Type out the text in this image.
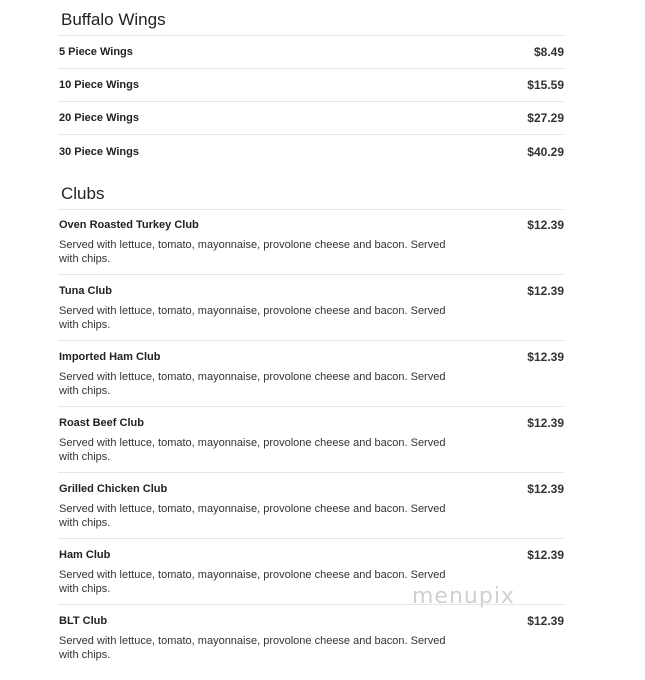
Buffalo Wings
5 Piece Wings	$8.49
10 Piece Wings	$15.59
20 Piece Wings	$27.29
30 Piece Wings	$40.29
Clubs
Oven Roasted Turkey Club	$12.39
Served with lettuce, tomato, mayonnaise, provolone cheese and bacon. Served with chips.
Tuna Club	$12.39
Served with lettuce, tomato, mayonnaise, provolone cheese and bacon. Served with chips.
Imported Ham Club	$12.39
Served with lettuce, tomato, mayonnaise, provolone cheese and bacon. Served with chips.
Roast Beef Club	$12.39
Served with lettuce, tomato, mayonnaise, provolone cheese and bacon. Served with chips.
Grilled Chicken Club	$12.39
Served with lettuce, tomato, mayonnaise, provolone cheese and bacon. Served with chips.
Ham Club	$12.39
Served with lettuce, tomato, mayonnaise, provolone cheese and bacon. Served with chips.
BLT Club	$12.39
Served with lettuce, tomato, mayonnaise, provolone cheese and bacon. Served with chips.
menupix
